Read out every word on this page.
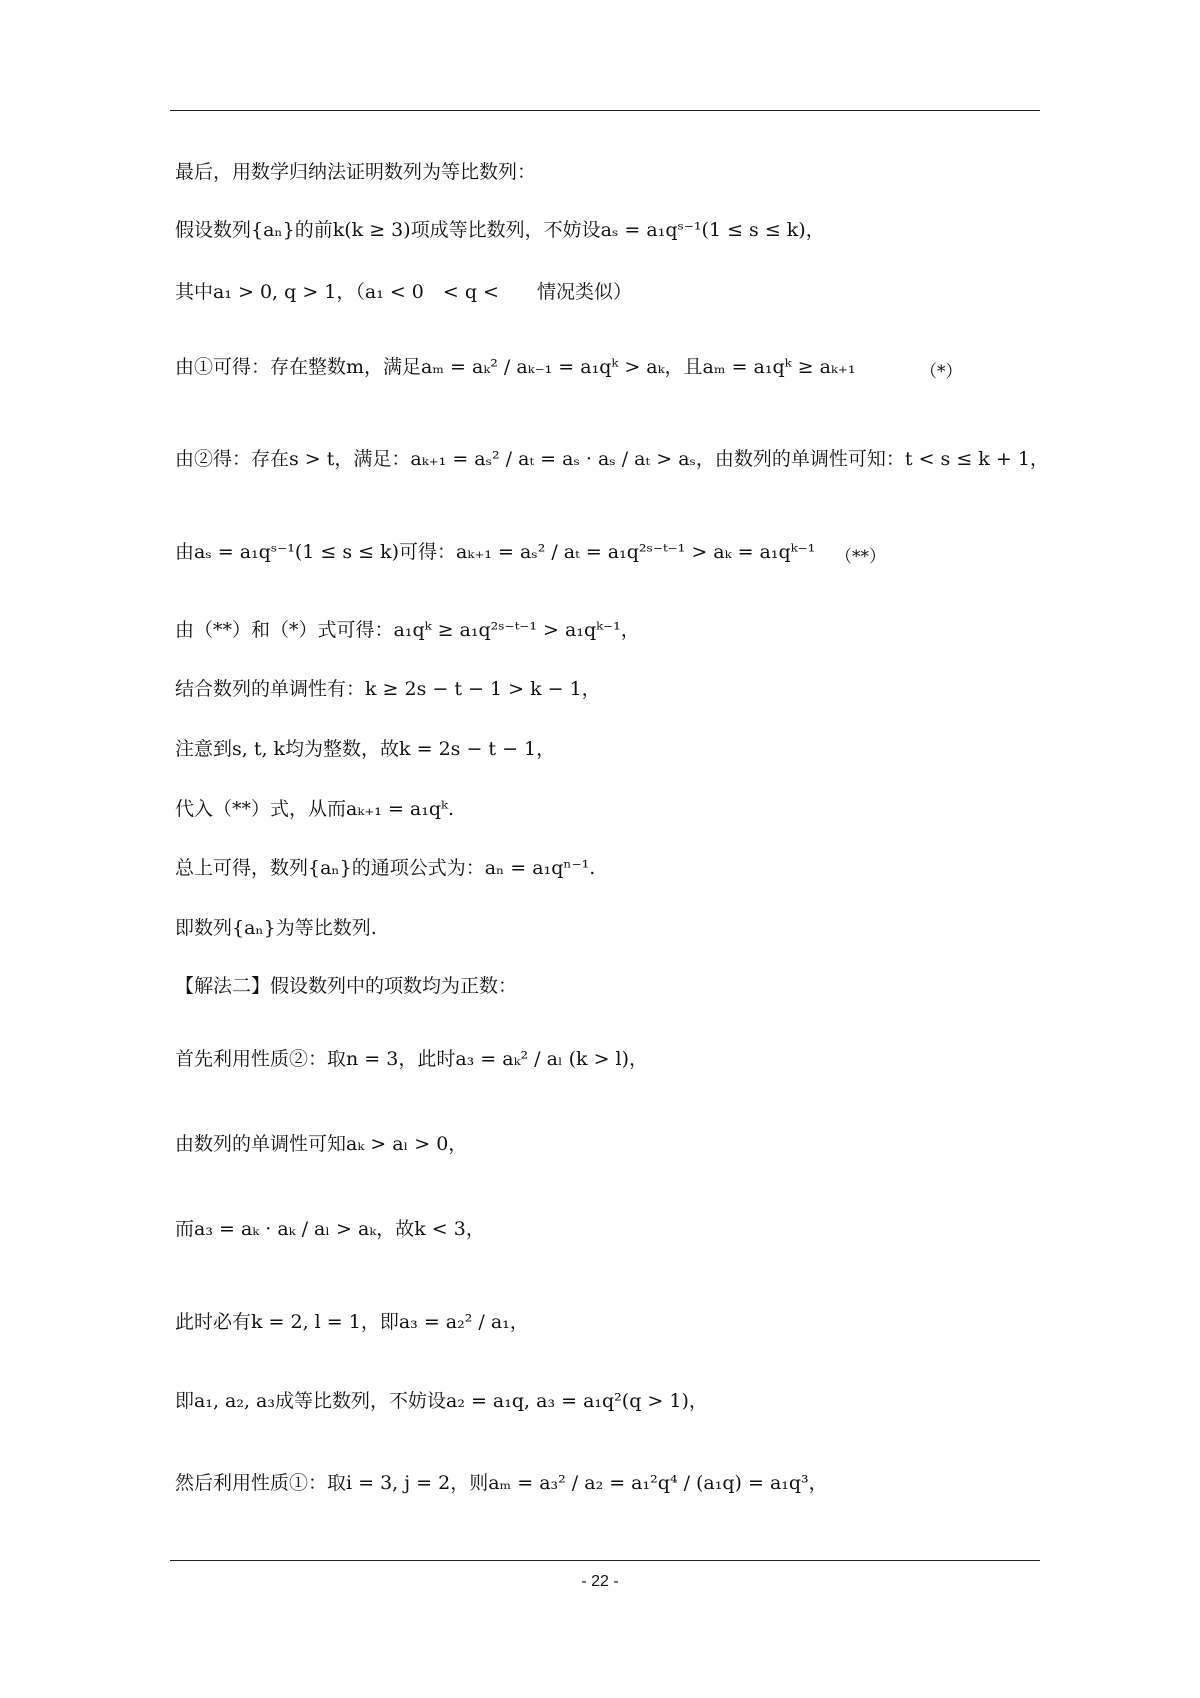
最后，用数学归纳法证明数列为等比数列：
假设数列{aₙ}的前k(k ≥ 3)项成等比数列，不妨设aₛ = a₁qˢ⁻¹(1 ≤ s ≤ k)，
其中a₁ > 0, q > 1，（a₁ < 0　< q <　　情况类似）
由①可得：存在整数m，满足aₘ = aₖ² / aₖ₋₁ = a₁qᵏ > aₖ，且aₘ = a₁qᵏ ≥ aₖ₊₁	（*）
由②得：存在s > t，满足：aₖ₊₁ = aₛ² / aₜ = aₛ · aₛ / aₜ > aₛ，由数列的单调性可知：t < s ≤ k + 1，
由aₛ = a₁qˢ⁻¹(1 ≤ s ≤ k)可得：aₖ₊₁ = aₛ² / aₜ = a₁q²ˢ⁻ᵗ⁻¹ > aₖ = a₁qᵏ⁻¹ （**）
由（**）和（*）式可得：a₁qᵏ ≥ a₁q²ˢ⁻ᵗ⁻¹ > a₁qᵏ⁻¹，
结合数列的单调性有：k ≥ 2s − t − 1 > k − 1，
注意到s, t, k均为整数，故k = 2s − t − 1，
代入（**）式，从而aₖ₊₁ = a₁qᵏ.
总上可得，数列{aₙ}的通项公式为：aₙ = a₁qⁿ⁻¹.
即数列{aₙ}为等比数列.
【解法二】假设数列中的项数均为正数：
首先利用性质②：取n = 3，此时a₃ = aₖ² / aₗ (k > l)，
由数列的单调性可知aₖ > aₗ > 0，
而a₃ = aₖ · aₖ / aₗ > aₖ，故k < 3，
此时必有k = 2, l = 1，即a₃ = a₂² / a₁，
即a₁, a₂, a₃成等比数列，不妨设a₂ = a₁q, a₃ = a₁q²(q > 1)，
然后利用性质①：取i = 3, j = 2，则aₘ = a₃² / a₂ = a₁²q⁴ / (a₁q) = a₁q³，
- 22 -
